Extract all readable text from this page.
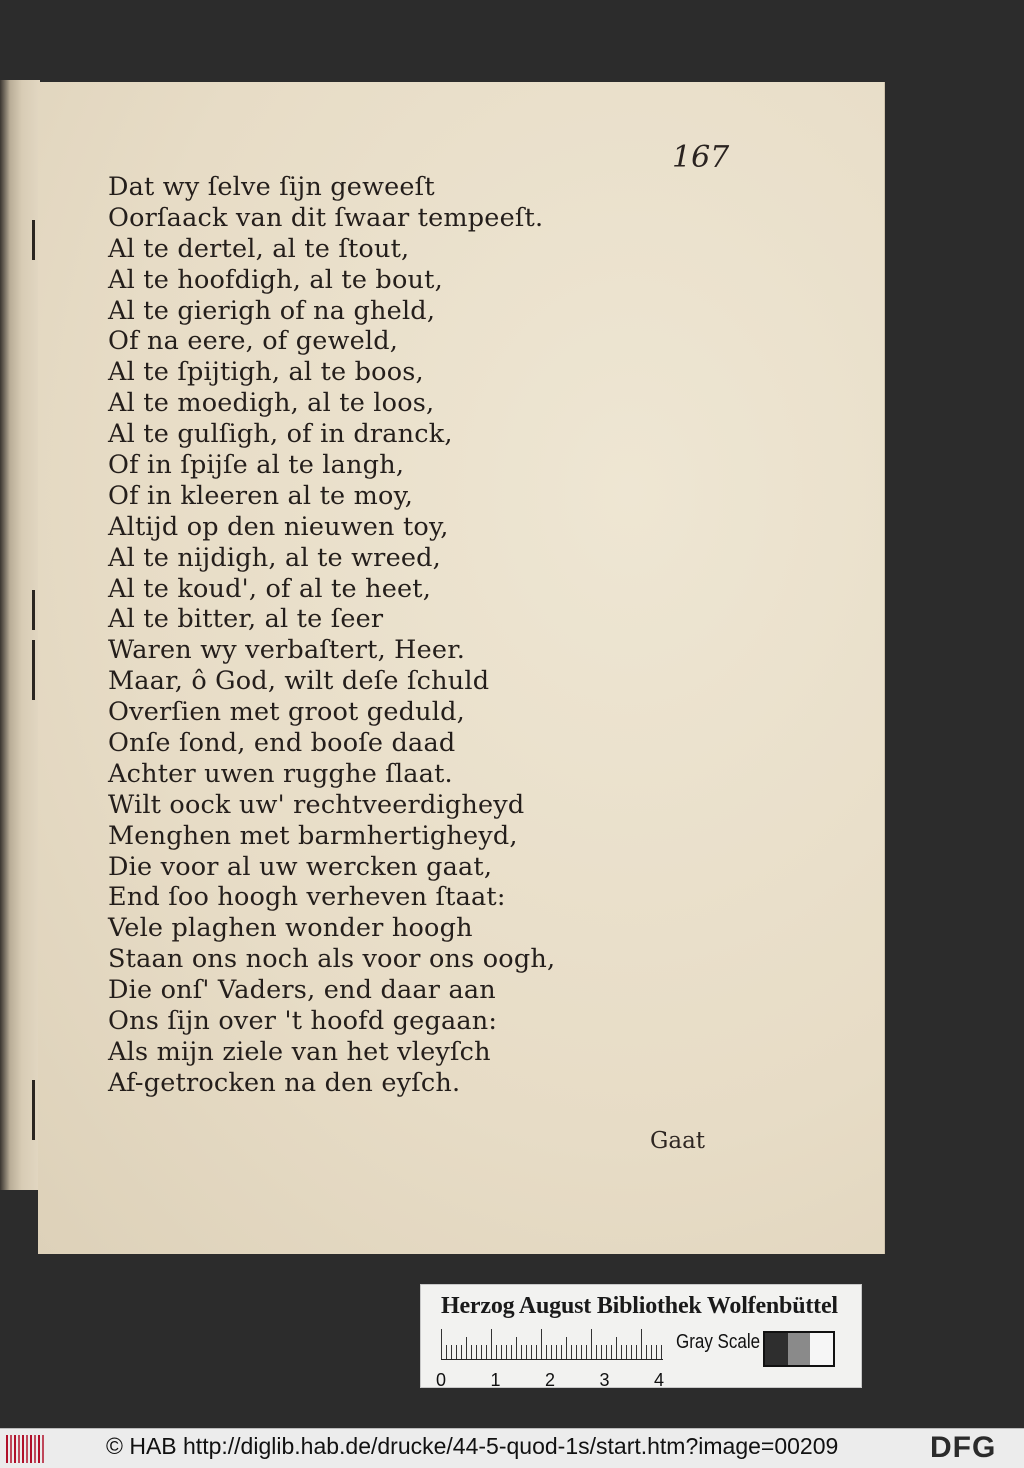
167
Dat wy ſelve ſijn geweeſt
Oorſaack van dit ſwaar tempeeſt.
Al te dertel, al te ſtout,
Al te hoofdigh, al te bout,
Al te gierigh of na gheld,
Of na eere, of geweld,
Al te ſpijtigh, al te boos,
Al te moedigh, al te loos,
Al te gulſigh, of in dranck,
Of in ſpijſe al te langh,
Of in kleeren al te moy,
Altijd op den nieuwen toy,
Al te nijdigh, al te wreed,
Al te koud', of al te heet,
Al te bitter, al te ſeer
Waren wy verbaſtert, Heer.
Maar, ô God, wilt deſe ſchuld
Overſien met groot geduld,
Onſe ſond, end booſe daad
Achter uwen rugghe ſlaat.
Wilt oock uw' rechtveerdigheyd
Menghen met barmhertigheyd,
Die voor al uw wercken gaat,
End ſoo hoogh verheven ſtaat:
Vele plaghen wonder hoogh
Staan ons noch als voor ons oogh,
Die onſ' Vaders, end daar aan
Ons ſijn over 't hoofd gegaan:
Als mijn ziele van het vleyſch
Af-getrocken na den eyſch.
Gaat
Herzog August Bibliothek Wolfenbüttel
Gray Scale
0 1 2 3 4
© HAB http://diglib.hab.de/drucke/44-5-quod-1s/start.htm?image=00209	DFG
